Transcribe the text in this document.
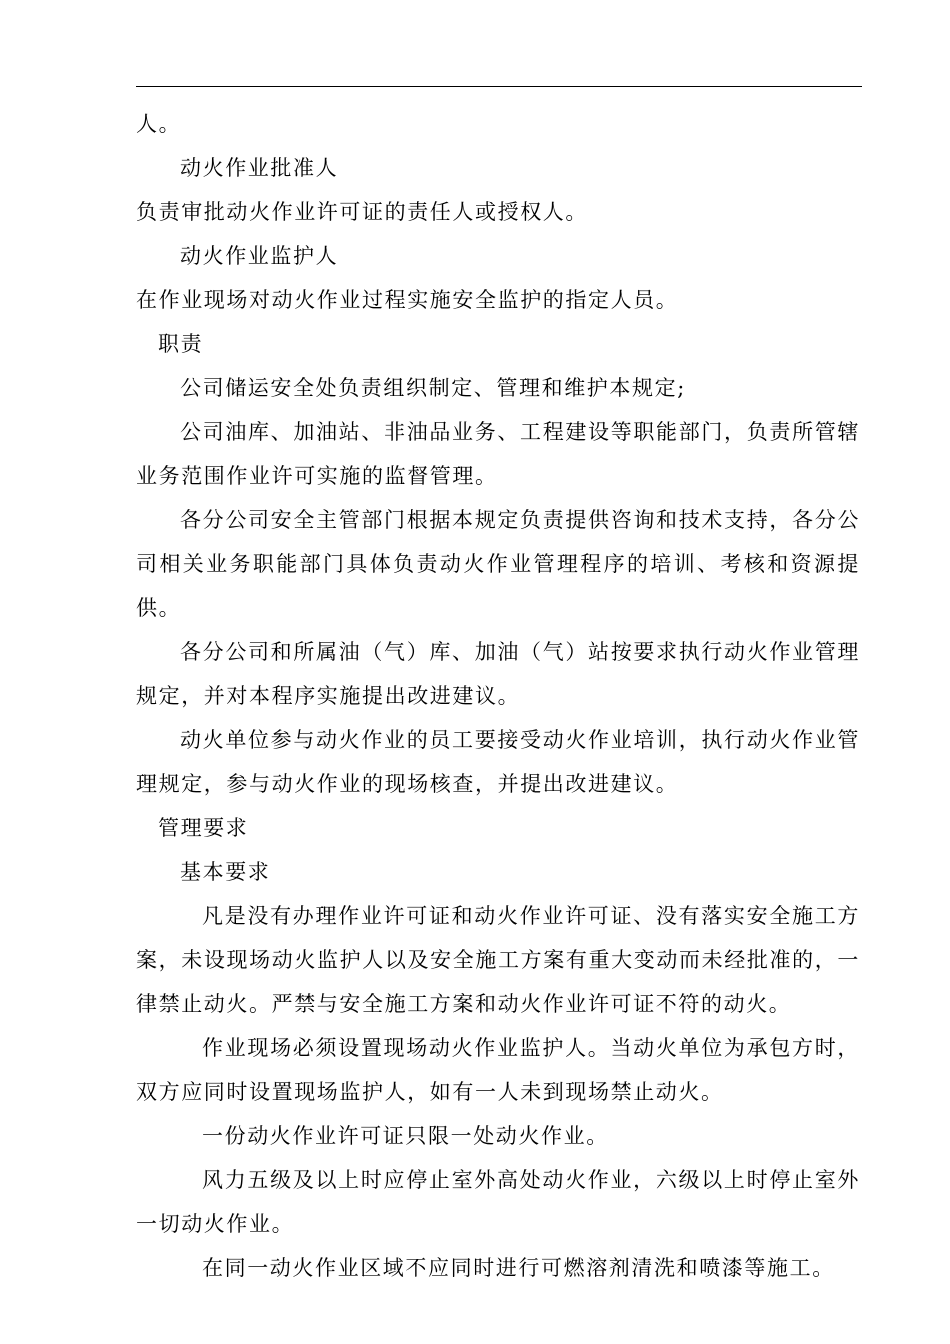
人。

动火作业批准人

负责审批动火作业许可证的责任人或授权人。

动火作业监护人

在作业现场对动火作业过程实施安全监护的指定人员。

职责

公司储运安全处负责组织制定、管理和维护本规定;

公司油库、加油站、非油品业务、工程建设等职能部门，负责所管辖业务范围作业许可实施的监督管理。

各分公司安全主管部门根据本规定负责提供咨询和技术支持，各分公司相关业务职能部门具体负责动火作业管理程序的培训、考核和资源提供。

各分公司和所属油（气）库、加油（气）站按要求执行动火作业管理规定，并对本程序实施提出改进建议。

动火单位参与动火作业的员工要接受动火作业培训，执行动火作业管理规定，参与动火作业的现场核查，并提出改进建议。

管理要求

基本要求

凡是没有办理作业许可证和动火作业许可证、没有落实安全施工方案，未设现场动火监护人以及安全施工方案有重大变动而未经批准的，一律禁止动火。严禁与安全施工方案和动火作业许可证不符的动火。

作业现场必须设置现场动火作业监护人。当动火单位为承包方时，双方应同时设置现场监护人，如有一人未到现场禁止动火。

一份动火作业许可证只限一处动火作业。

风力五级及以上时应停止室外高处动火作业，六级以上时停止室外一切动火作业。

在同一动火作业区域不应同时进行可燃溶剂清洗和喷漆等施工。
